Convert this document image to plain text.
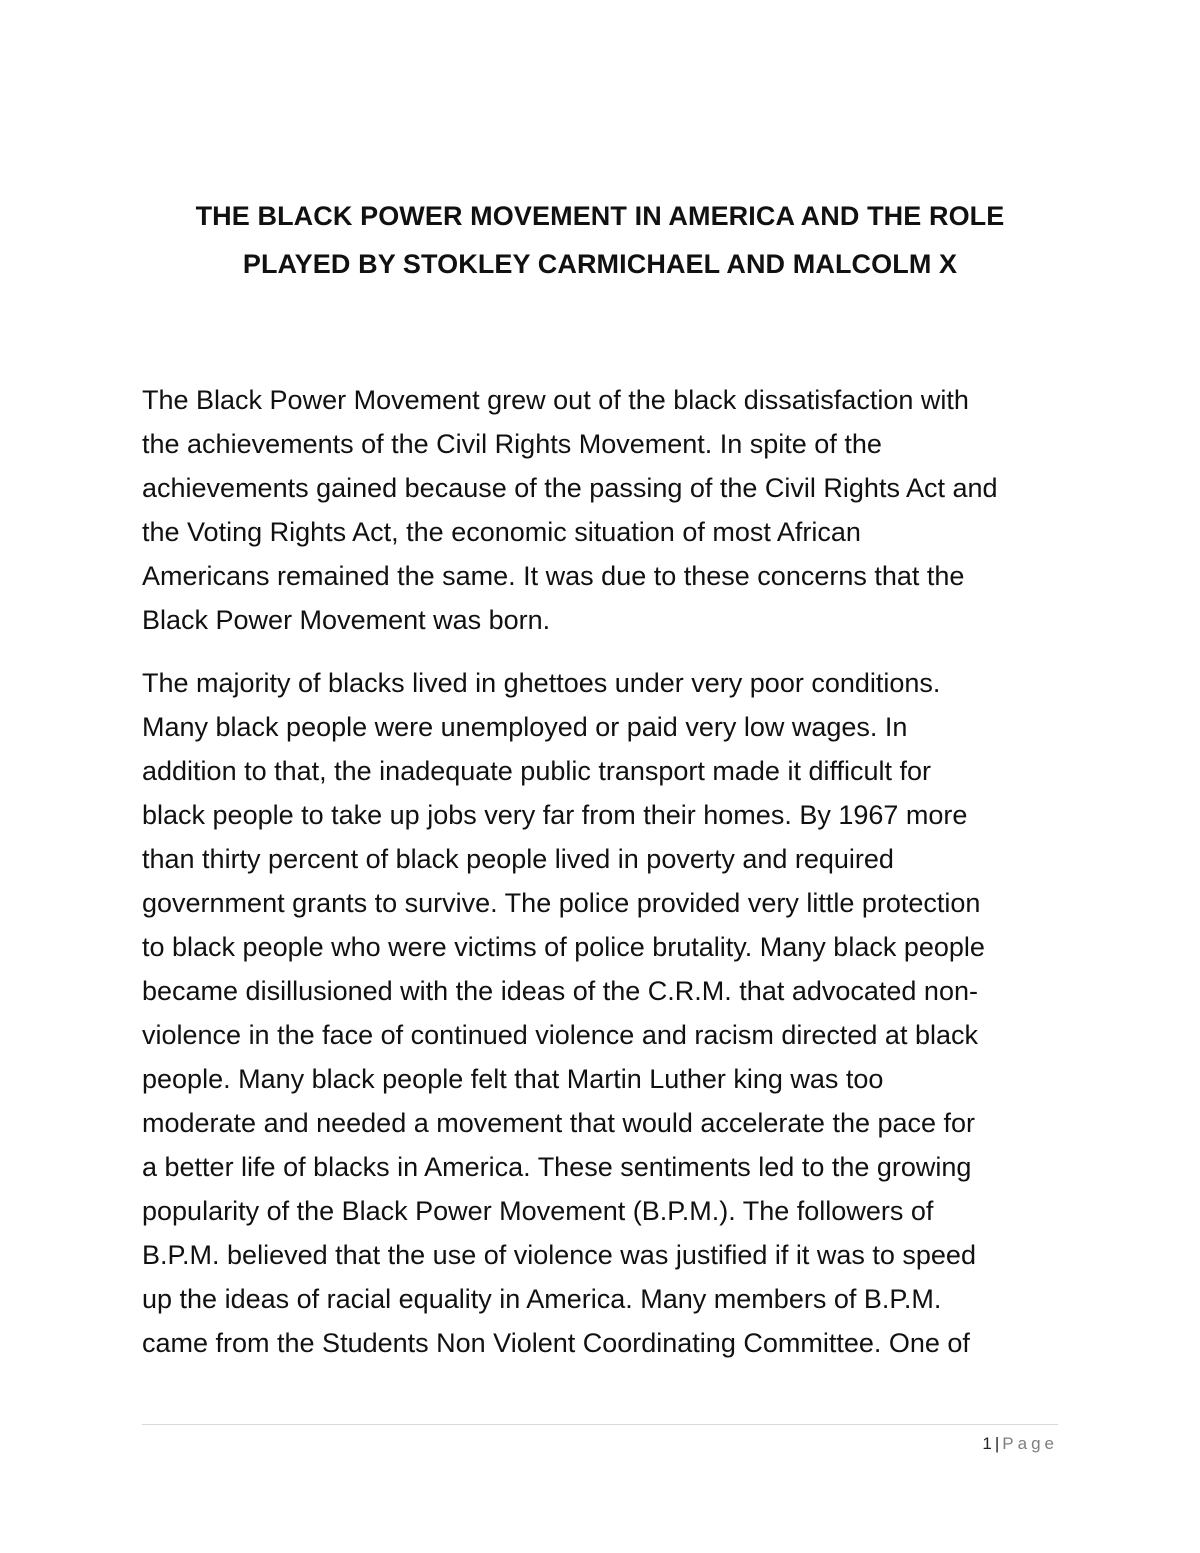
THE BLACK POWER MOVEMENT IN AMERICA AND THE ROLE
PLAYED BY STOKLEY CARMICHAEL AND MALCOLM X

The Black Power Movement grew out of the black dissatisfaction with
the achievements of the Civil Rights Movement. In spite of the
achievements gained because of the passing of the Civil Rights Act and
the Voting Rights Act, the economic situation of most African
Americans remained the same. It was due to these concerns that the
Black Power Movement was born.

The majority of blacks lived in ghettoes under very poor conditions.
Many black people were unemployed or paid very low wages. In
addition to that, the inadequate public transport made it difficult for
black people to take up jobs very far from their homes. By 1967 more
than thirty percent of black people lived in poverty and required
government grants to survive. The police provided very little protection
to black people who were victims of police brutality. Many black people
became disillusioned with the ideas of the C.R.M. that advocated non-
violence in the face of continued violence and racism directed at black
people. Many black people felt that Martin Luther king was too
moderate and needed a movement that would accelerate the pace for
a better life of blacks in America. These sentiments led to the growing
popularity of the Black Power Movement (B.P.M.). The followers of
B.P.M. believed that the use of violence was justified if it was to speed
up the ideas of racial equality in America. Many members of B.P.M.
came from the Students Non Violent Coordinating Committee. One of

1 | Page
